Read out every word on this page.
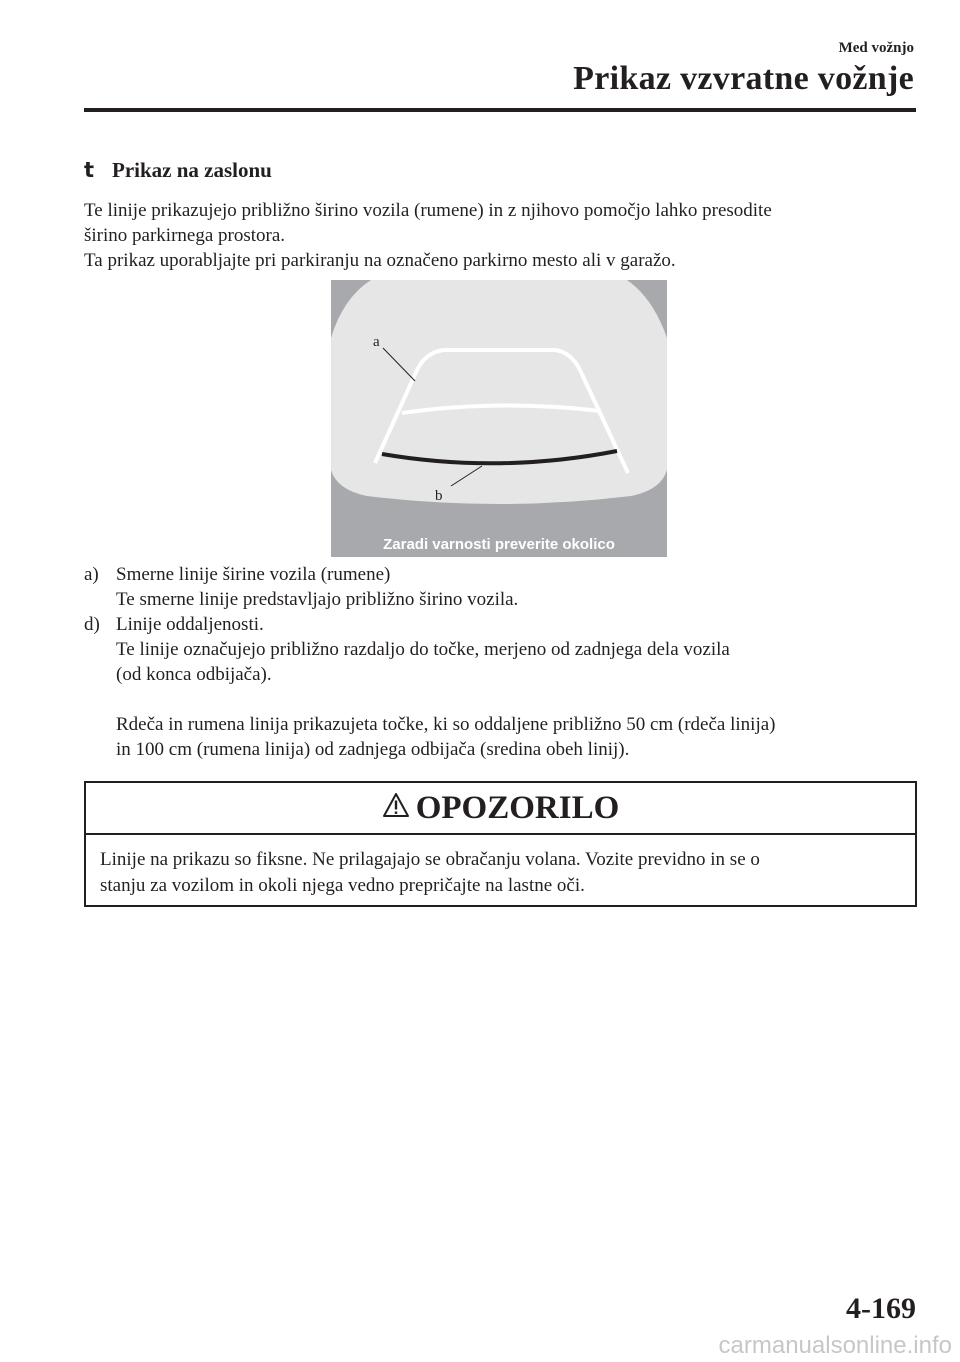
Med vožnjo
Prikaz vzvratne vožnje
t Prikaz na zaslonu

Te linije prikazujejo približno širino vozila (rumene) in z njihovo pomočjo lahko presodite

širino parkirnega prostora.

Ta prikaz uporabljajte pri parkiranju na označeno parkirno mesto ali v garažo.

a
b
Zaradi varnosti preverite okolico
a) Smerne linije širine vozila (rumene)

Te smerne linije predstavljajo približno širino vozila.

d) Linije oddaljenosti.

Te linije označujejo približno razdaljo do točke, merjeno od zadnjega dela vozila

(od konca odbijača).

Rdeča in rumena linija prikazujeta točke, ki so oddaljene približno 50 cm (rdeča linija)

in 100 cm (rumena linija) od zadnjega odbijača (sredina obeh linij).

OPOZORILO
Linije na prikazu so fiksne. Ne prilagajajo se obračanju volana. Vozite previdno in se o
stanju za vozilom in okoli njega vedno prepričajte na lastne oči.
4-169
carmanualsonline.info
